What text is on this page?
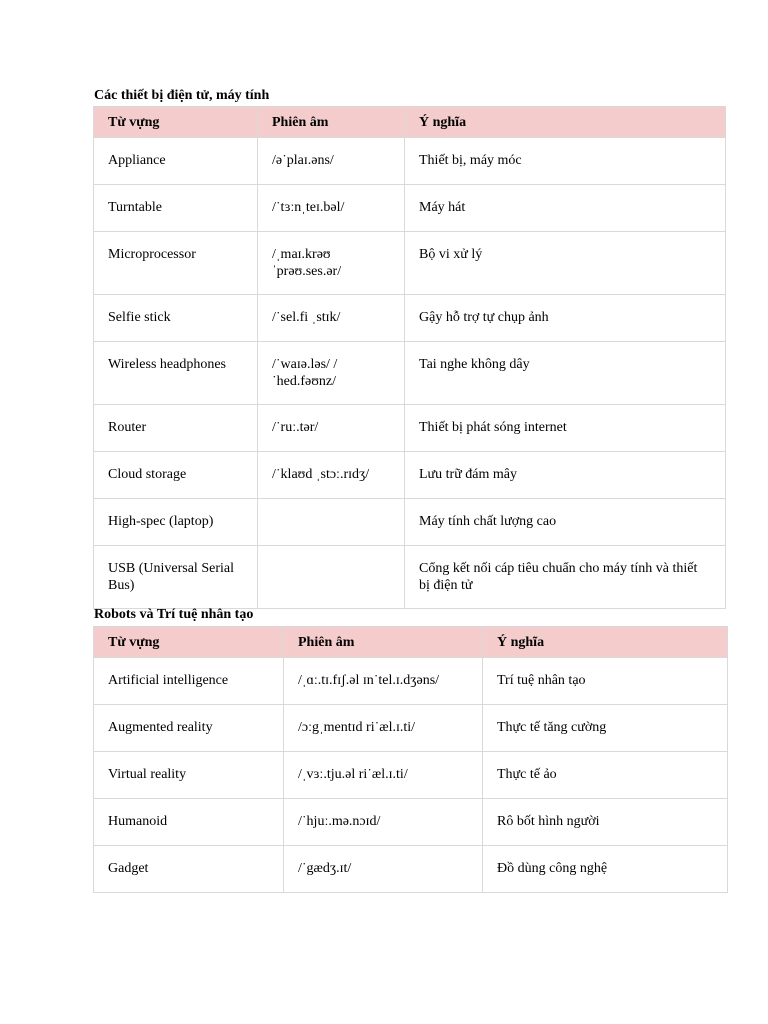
Các thiết bị điện tử, máy tính

Từ vựng	Phiên âm	Ý nghĩa
Appliance	/ə˙plaɪ.əns/	Thiết bị, máy móc
Turntable	/˙tɜːnˌteɪ.bəl/	Máy hát
Microprocessor	/ˌmaɪ.krəʊ ˈprəʊ.ses.ər/	Bộ vi xử lý
Selfie stick	/˙sel.fi ˌstɪk/	Gậy hỗ trợ tự chụp ảnh
Wireless headphones	/˙waɪə.ləs/ /˙hed.fəʊnz/	Tai nghe không dây
Router	/˙ruː.tər/	Thiết bị phát sóng internet
Cloud storage	/˙klaʊd ˌstɔː.rɪdʒ/	Lưu trữ đám mây
High-spec (laptop)		Máy tính chất lượng cao
USB (Universal Serial Bus)		Cổng kết nối cáp tiêu chuẩn cho máy tính và thiết bị điện tử

Robots và Trí tuệ nhân tạo

Từ vựng	Phiên âm	Ý nghĩa
Artificial intelligence	/ˌɑː.tɪ.fɪʃ.əl ɪn˙tel.ɪ.dʒəns/	Trí tuệ nhân tạo
Augmented reality	/ɔːgˌmentɪd ri˙æl.ɪ.ti/	Thực tế tăng cường
Virtual reality	/ˌvɜː.tju.əl ri˙æl.ɪ.ti/	Thực tế ảo
Humanoid	/˙hjuː.mə.nɔɪd/	Rô bốt hình người
Gadget	/˙gædʒ.ɪt/	Đồ dùng công nghệ
